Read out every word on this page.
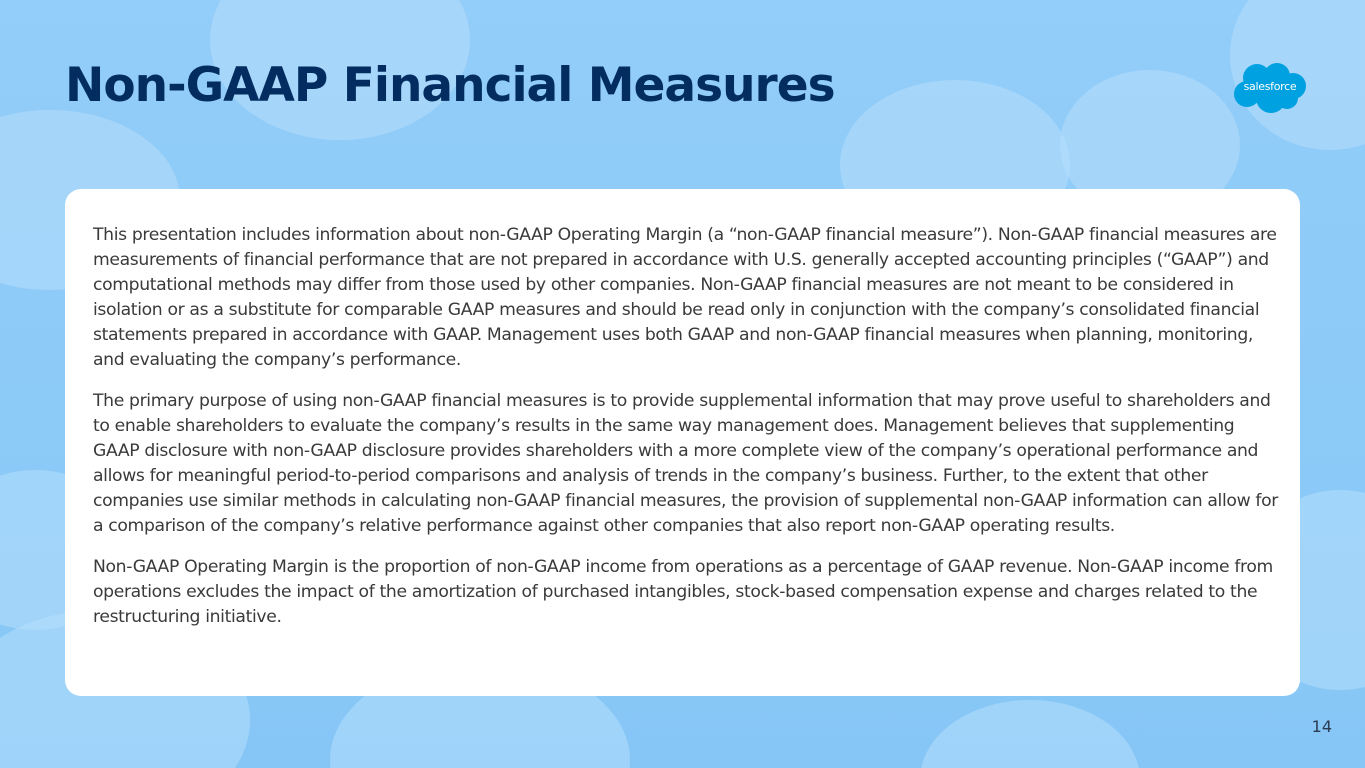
Non-GAAP Financial Measures	salesforce

This presentation includes information about non-GAAP Operating Margin (a “non-GAAP financial measure”). Non-GAAP financial measures are measurements of financial performance that are not prepared in accordance with U.S. generally accepted accounting principles (“GAAP”) and computational methods may differ from those used by other companies. Non-GAAP financial measures are not meant to be considered in isolation or as a substitute for comparable GAAP measures and should be read only in conjunction with the company’s consolidated financial statements prepared in accordance with GAAP. Management uses both GAAP and non-GAAP financial measures when planning, monitoring, and evaluating the company’s performance.

The primary purpose of using non-GAAP financial measures is to provide supplemental information that may prove useful to shareholders and to enable shareholders to evaluate the company’s results in the same way management does. Management believes that supplementing GAAP disclosure with non-GAAP disclosure provides shareholders with a more complete view of the company’s operational performance and allows for meaningful period-to-period comparisons and analysis of trends in the company’s business. Further, to the extent that other companies use similar methods in calculating non-GAAP financial measures, the provision of supplemental non-GAAP information can allow for a comparison of the company’s relative performance against other companies that also report non-GAAP operating results.

Non-GAAP Operating Margin is the proportion of non-GAAP income from operations as a percentage of GAAP revenue. Non-GAAP income from operations excludes the impact of the amortization of purchased intangibles, stock-based compensation expense and charges related to the restructuring initiative.

14
